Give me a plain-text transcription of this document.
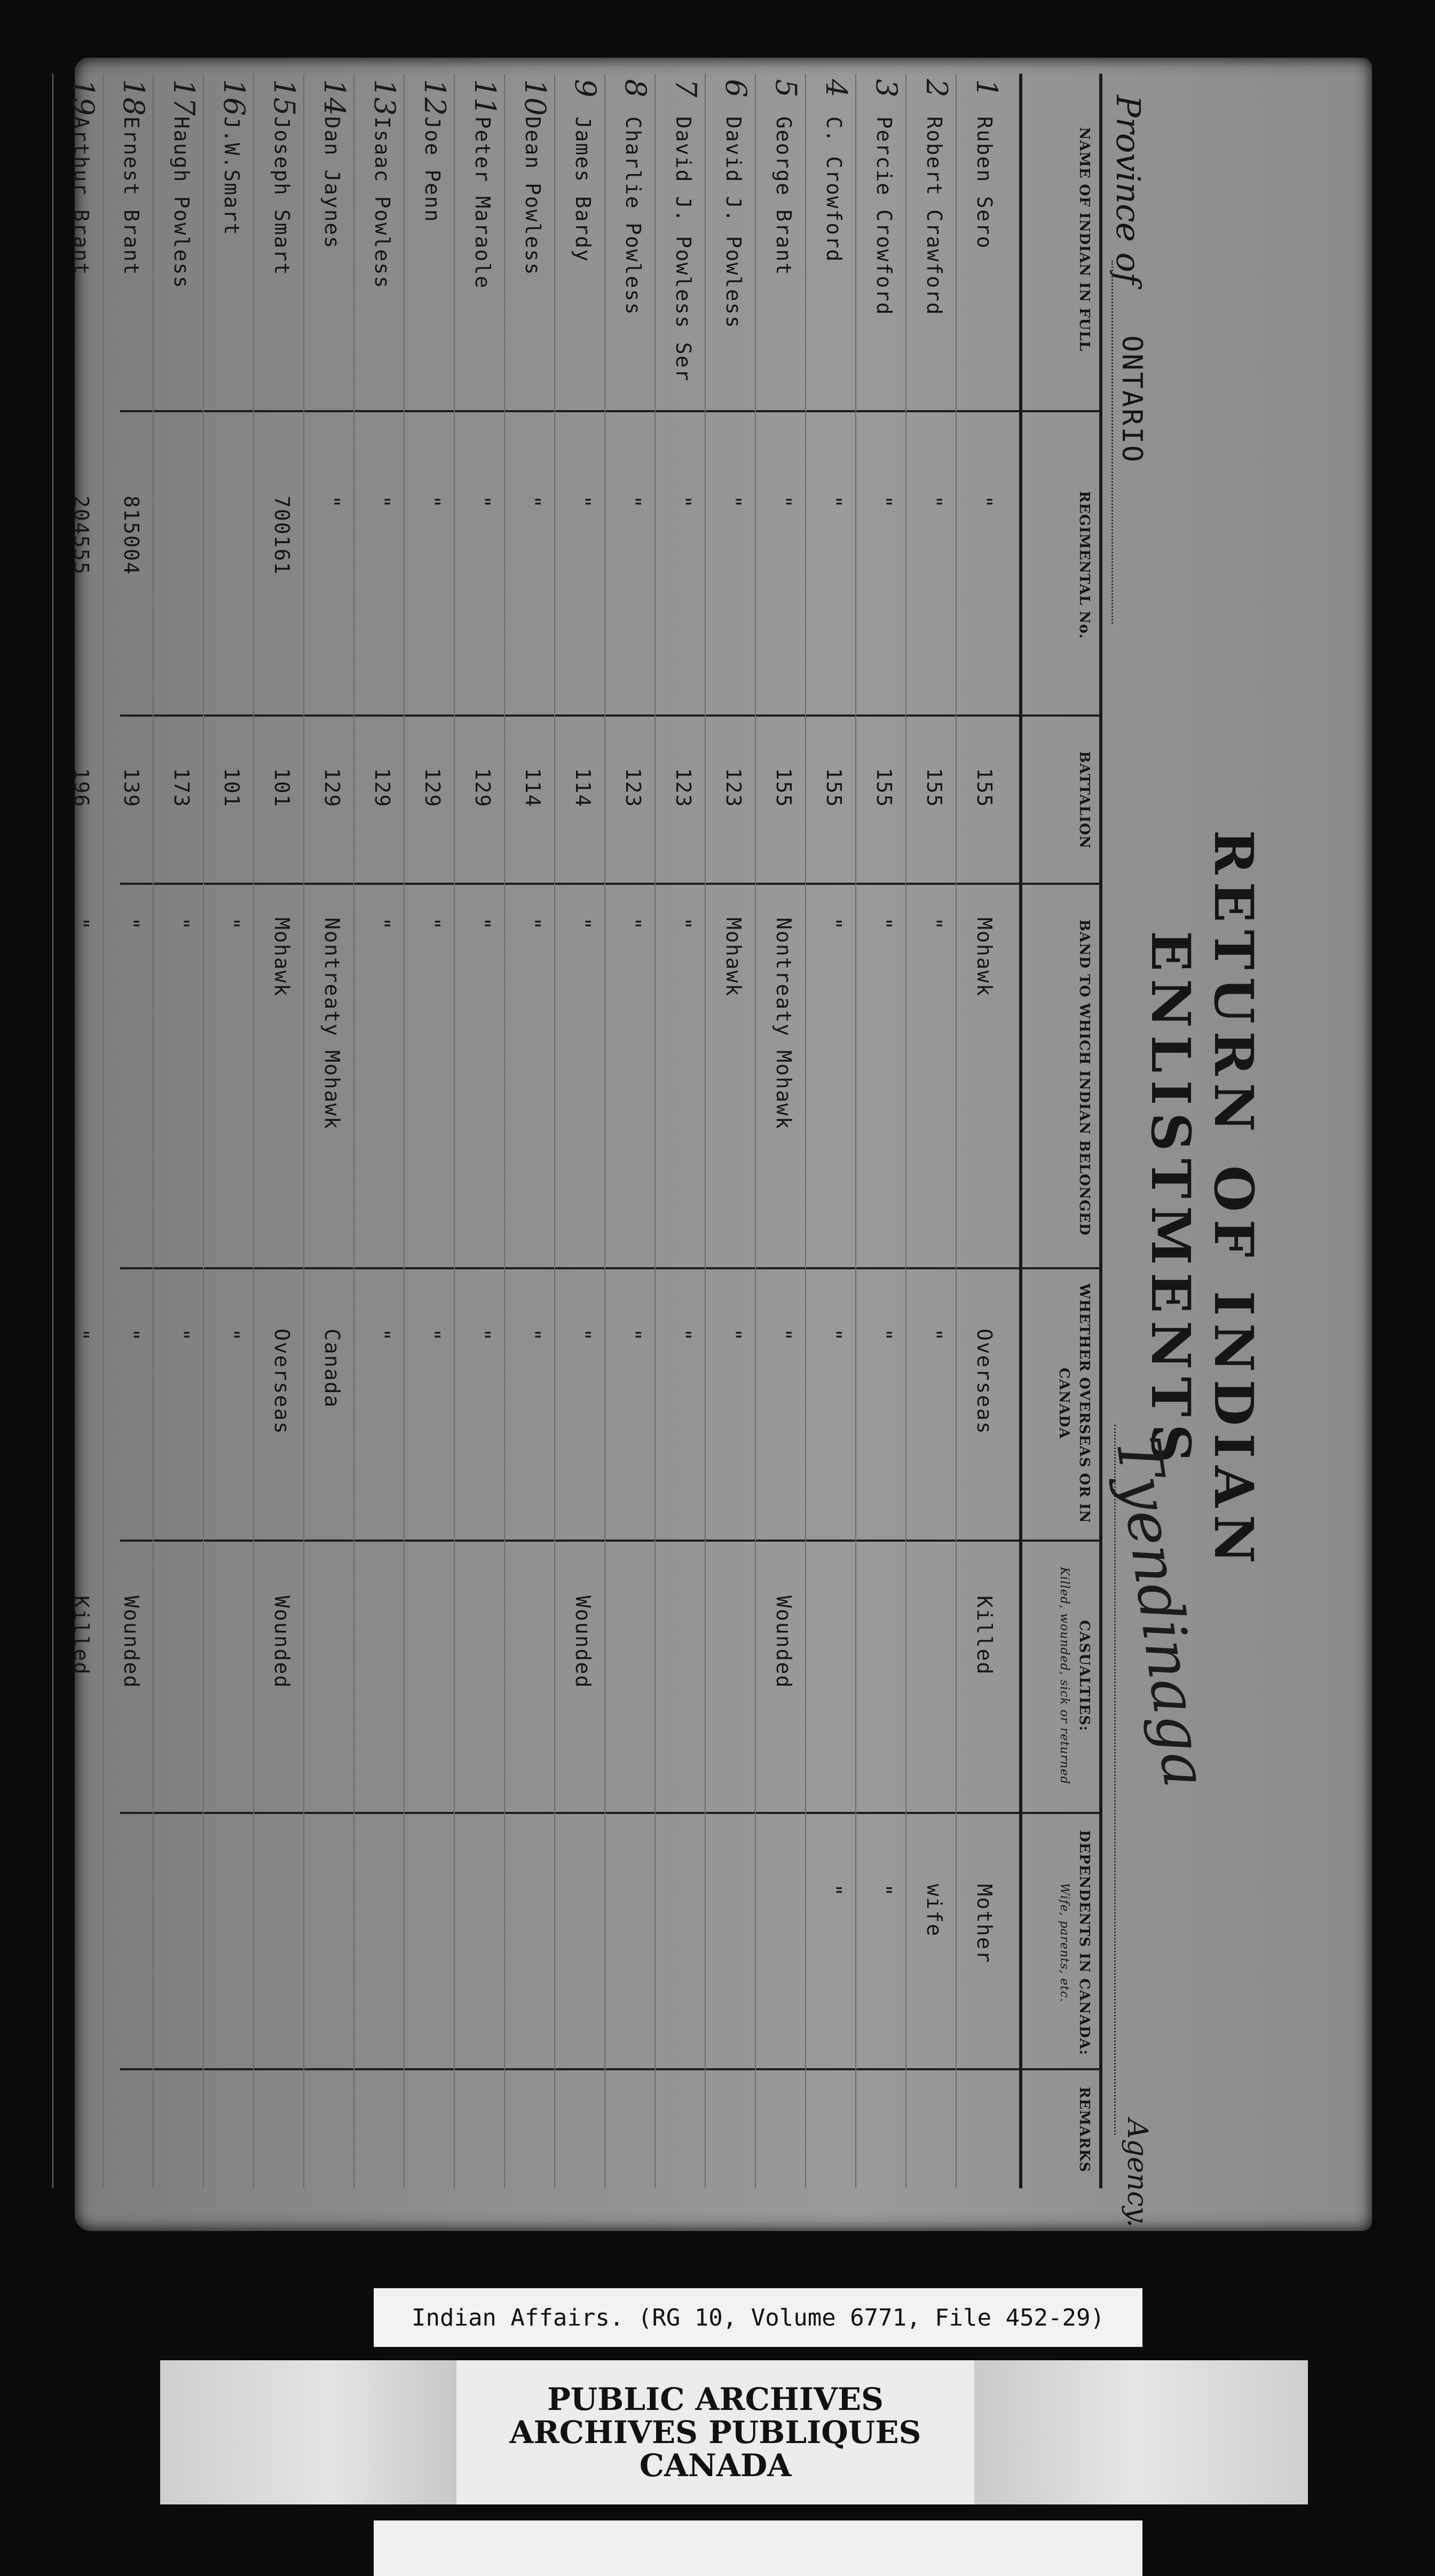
RETURN OF INDIAN ENLISTMENTS
Province of
ONTARIO
Tyendinaga
Agency.
NAME OF INDIAN IN FULL
REGIMENTAL No.
BATTALION
BAND TO WHICH INDIAN BELONGED
WHETHER OVERSEAS OR IN CANADA
CASUALTIES:
Killed, wounded, sick or returned
DEPENDENTS IN CANADA:
Wife, parents, etc.
REMARKS
1
Ruben Sero
"
155
Mohawk
Overseas
Killed
Mother
2
Robert Crawford
"
155
"
"
wife
3
Percie Crowford
"
155
"
"
"
4
C. Crowford
"
155
"
"
"
5
George Brant
"
155
Nontreaty Mohawk
"
Wounded
6
David J. Powless
"
123
Mohawk
"
7
David J. Powless Ser
"
123
"
"
8
Charlie Powless
"
123
"
"
9
James Bardy
"
114
"
"
Wounded
10
Dean Powless
"
114
"
"
11
Peter Maraole
"
129
"
"
12
Joe Penn
"
129
"
"
13
Isaac Powless
"
129
"
"
14
Dan Jaynes
"
129
Nontreaty Mohawk
Canada
15
Joseph Smart
700161
101
Mohawk
Overseas
Wounded
16
J.W.Smart
101
"
"
17
Haugh Powless
173
"
"
18
Ernest Brant
815004
139
"
"
Wounded
19
Arthur Brant
204555
196
"
"
Killed
Indian Affairs. (RG 10, Volume 6771, File 452-29)
PUBLIC ARCHIVES
ARCHIVES PUBLIQUES
CANADA
